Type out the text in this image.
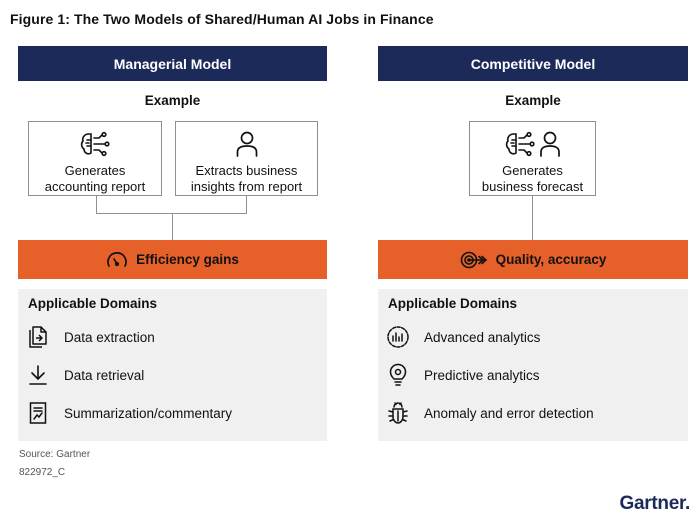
Figure 1: The Two Models of Shared/Human AI Jobs in Finance
Managerial Model
Example
Generates
accounting report
Extracts business
insights from report
Efficiency gains
Applicable Domains
Data extraction
Data retrieval
Summarization/commentary
Competitive Model
Example
Generates
business forecast
Quality, accuracy
Applicable Domains
Advanced analytics
Predictive analytics
Anomaly and error detection
Source: Gartner
822972_C
Gartner.
